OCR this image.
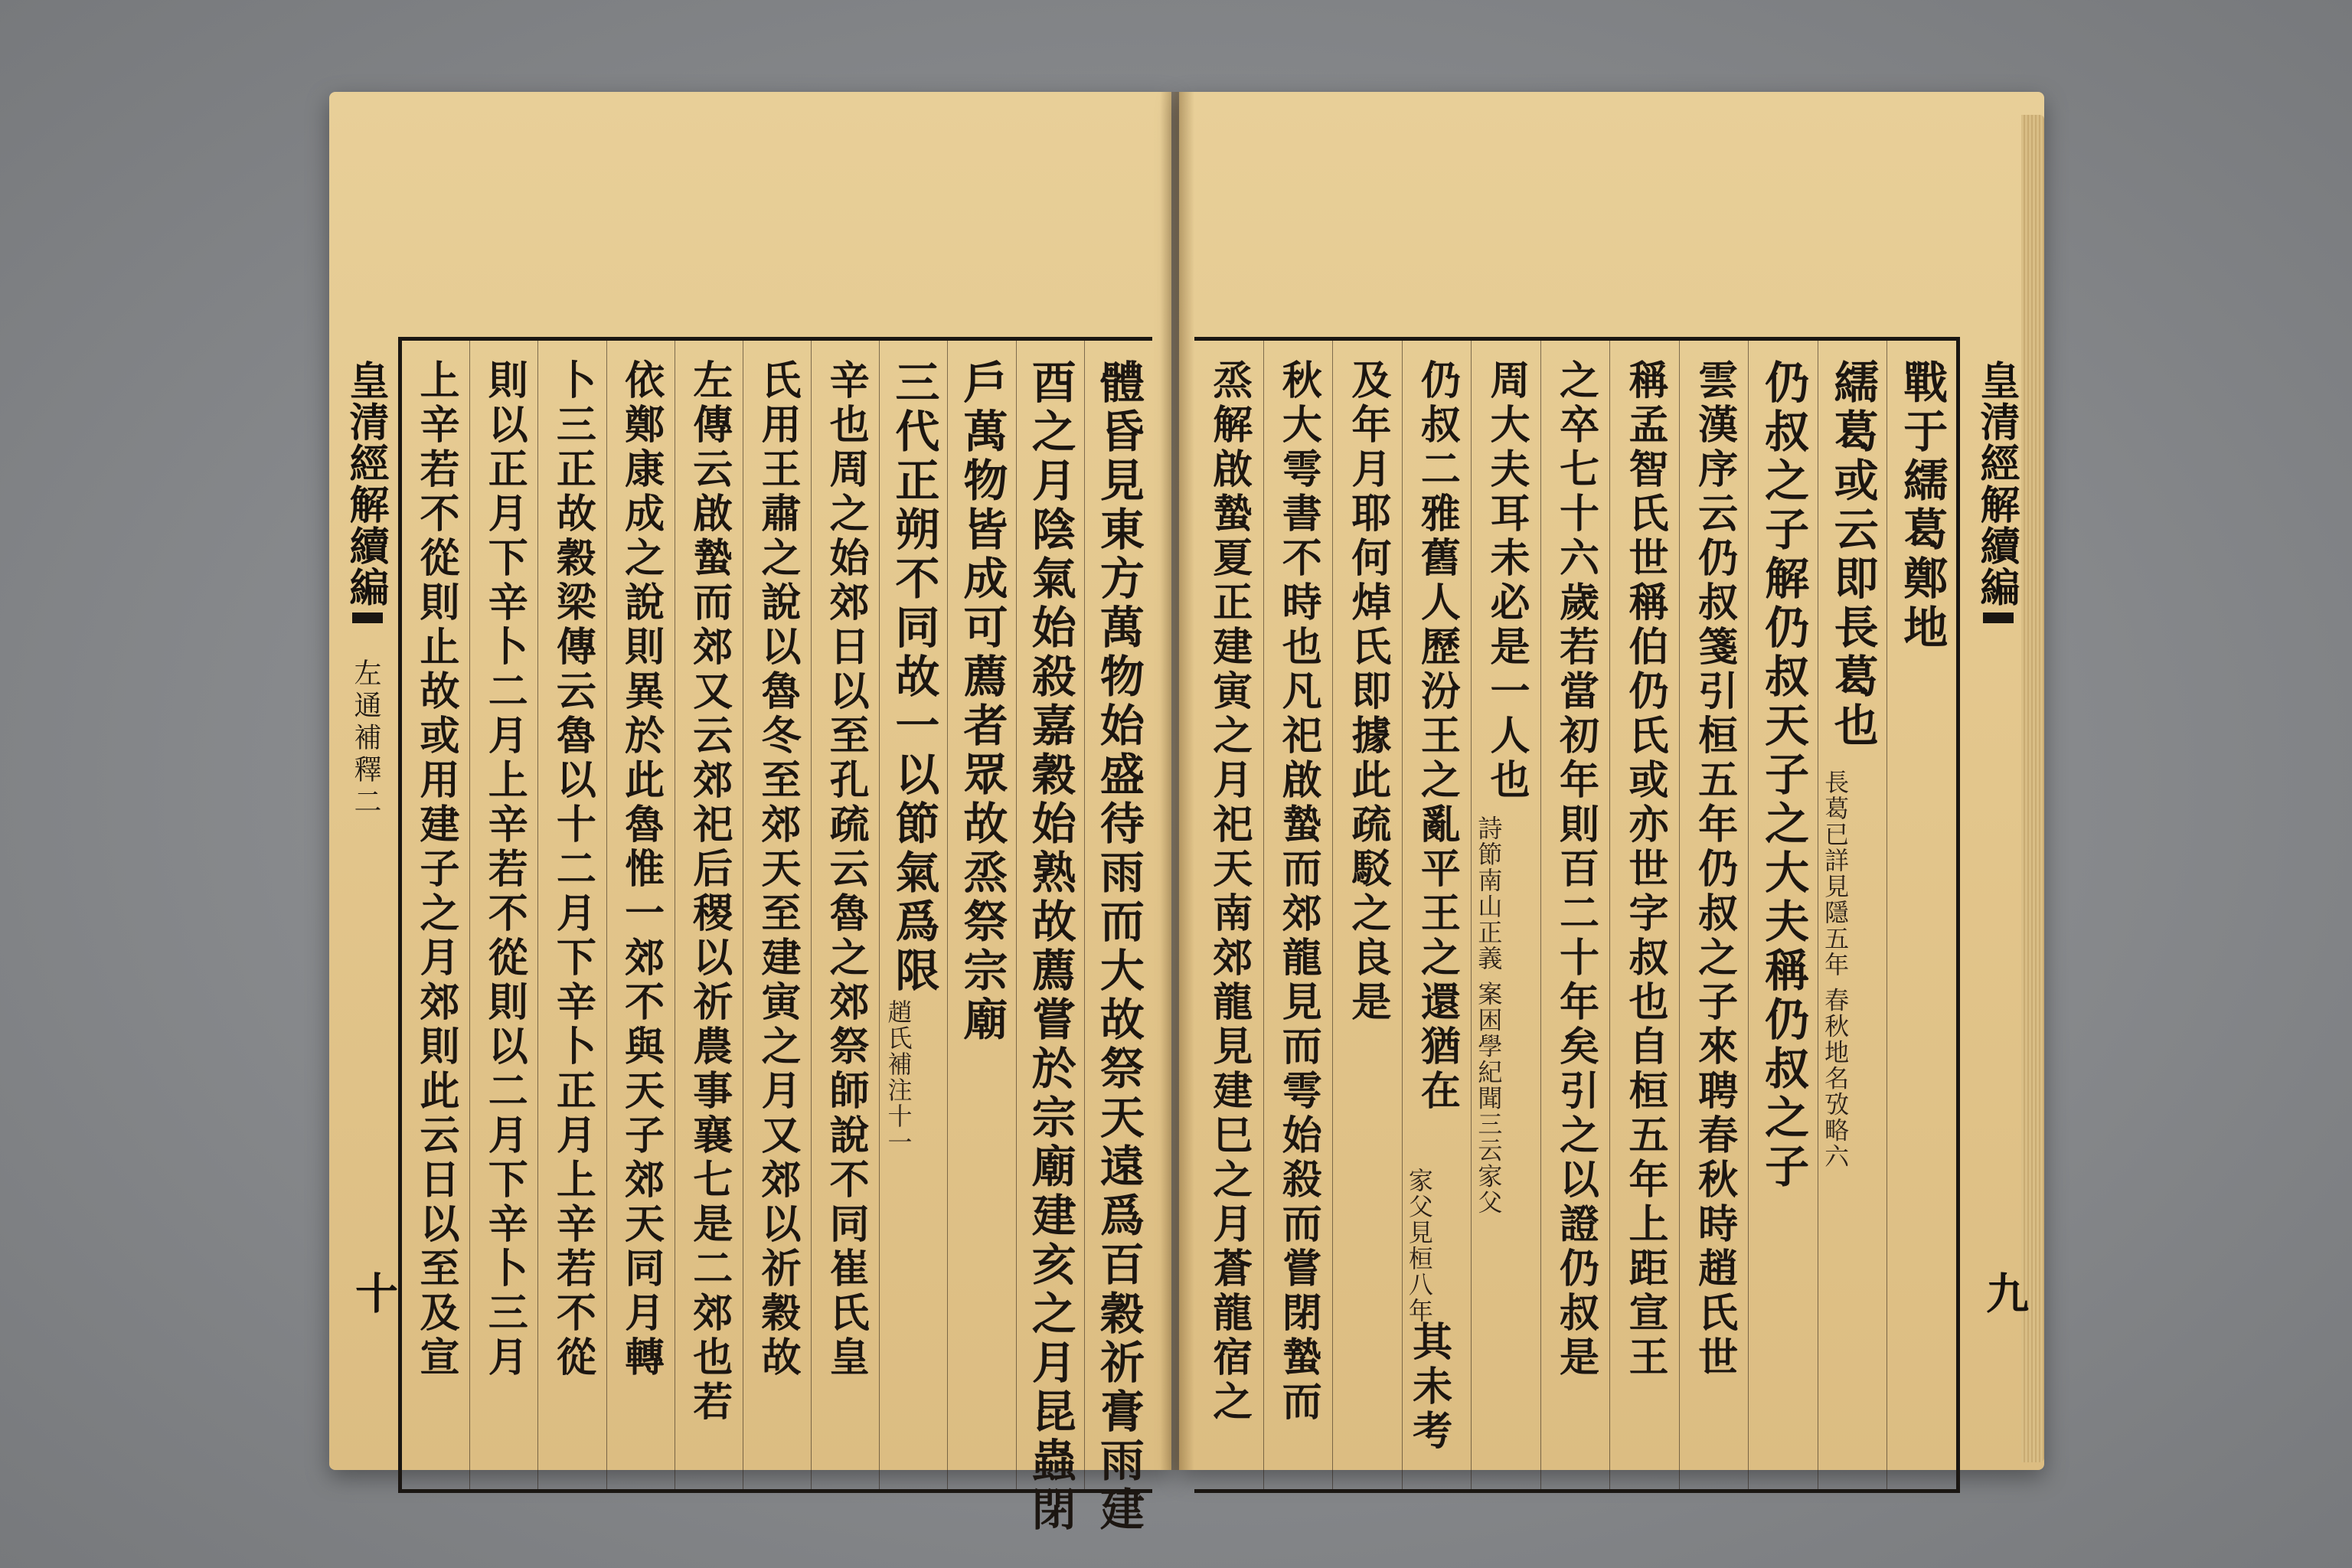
皇清經解續編
左通補釋二
十	體昏見東方萬物始盛待雨而大故祭天遠爲百穀祈膏雨建
酉之月陰氣始殺嘉穀始熟故薦嘗於宗廟建亥之月昆蟲閉
戶萬物皆成可薦者眾故烝祭宗廟
三代正朔不同故一以節氣爲限
趙氏補注十一
辛也周之始郊日以至孔疏云魯之郊祭師說不同崔氏皇
氏用王肅之說以魯冬至郊天至建寅之月又郊以祈穀故
左傳云啟蟄而郊又云郊祀后稷以祈農事襄七是二郊也若
依鄭康成之說則異於此魯惟一郊不與天子郊天同月轉
卜三正故穀梁傳云魯以十二月下辛卜正月上辛若不從
則以正月下辛卜二月上辛若不從則以二月下辛卜三月
上辛若不從則止故或用建子之月郊則此云日以至及宣	戰于繻葛鄭地
繻葛或云即長葛也
長葛已詳見隱五年 春秋地名攷略六
仍叔之子解仍叔天子之大夫稱仍叔之子
雲漢序云仍叔箋引桓五年仍叔之子來聘春秋時趙氏世
稱孟智氏世稱伯仍氏或亦世字叔也自桓五年上距宣王
之卒七十六歲若當初年則百二十年矣引之以證仍叔是
周大夫耳未必是一人也
詩節南山正義 案困學紀聞三云家父
仍叔二雅舊人歷汾王之亂平王之還猶在
家父見桓八年
其未考
及年月耶何焯氏即據此疏駁之良是
秋大雩書不時也凡祀啟蟄而郊龍見而雩始殺而嘗閉蟄而
烝解啟蟄夏正建寅之月祀天南郊龍見建巳之月蒼龍宿之	皇清經解續編
九
